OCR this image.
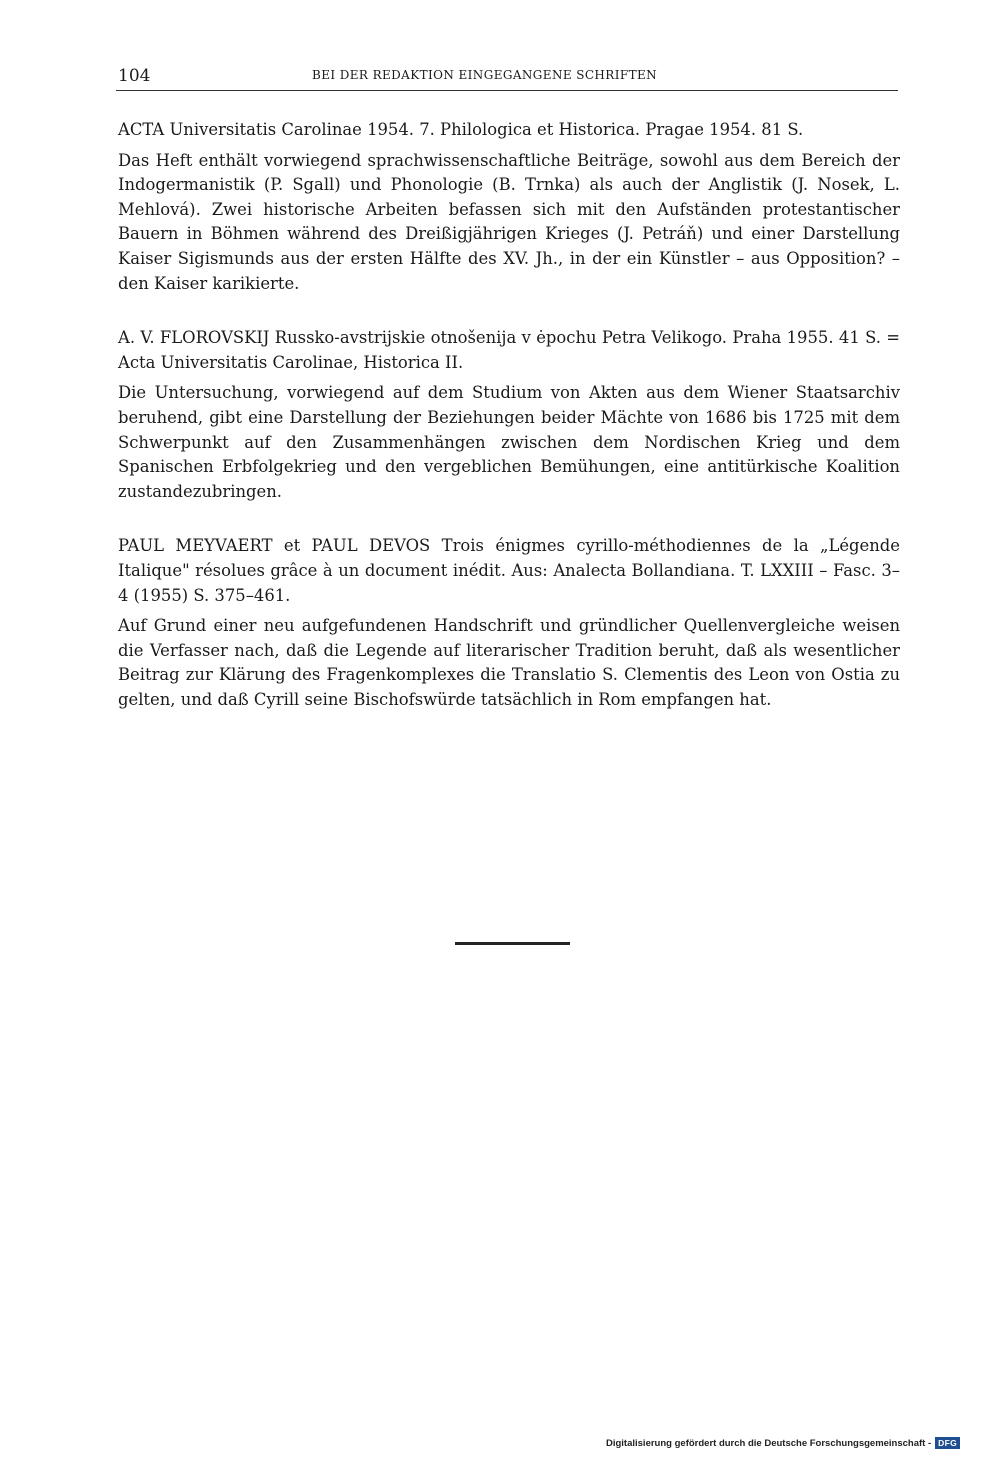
104	BEI DER REDAKTION EINGEGANGENE SCHRIFTEN

ACTA Universitatis Carolinae 1954. 7. Philologica et Historica. Pragae 1954. 81 S.

Das Heft enthält vorwiegend sprachwissenschaftliche Beiträge, sowohl aus dem Bereich der Indogermanistik (P. Sgall) und Phonologie (B. Trnka) als auch der Anglistik (J. Nosek, L. Mehlová). Zwei historische Arbeiten befassen sich mit den Aufständen protestantischer Bauern in Böhmen während des Dreißigjährigen Krieges (J. Petráň) und einer Darstellung Kaiser Sigismunds aus der ersten Hälfte des XV. Jh., in der ein Künstler – aus Opposition? – den Kaiser karikierte.

A. V. FLOROVSKIJ Russko-avstrijskie otnošenija v ėpochu Petra Velikogo. Praha 1955. 41 S. = Acta Universitatis Carolinae, Historica II.

Die Untersuchung, vorwiegend auf dem Studium von Akten aus dem Wiener Staatsarchiv beruhend, gibt eine Darstellung der Beziehungen beider Mächte von 1686 bis 1725 mit dem Schwerpunkt auf den Zusammenhängen zwischen dem Nordischen Krieg und dem Spanischen Erbfolgekrieg und den vergeblichen Bemühungen, eine antitürkische Koalition zustandezubringen.

PAUL MEYVAERT et PAUL DEVOS Trois énigmes cyrillo-méthodiennes de la „Légende Italique" résolues grâce à un document inédit. Aus: Analecta Bollandiana. T. LXXIII – Fasc. 3–4 (1955) S. 375–461.

Auf Grund einer neu aufgefundenen Handschrift und gründlicher Quellenvergleiche weisen die Verfasser nach, daß die Legende auf literarischer Tradition beruht, daß als wesentlicher Beitrag zur Klärung des Fragenkomplexes die Translatio S. Clementis des Leon von Ostia zu gelten, und daß Cyrill seine Bischofswürde tatsächlich in Rom empfangen hat.

Digitalisierung gefördert durch die Deutsche Forschungsgemeinschaft - DFG
